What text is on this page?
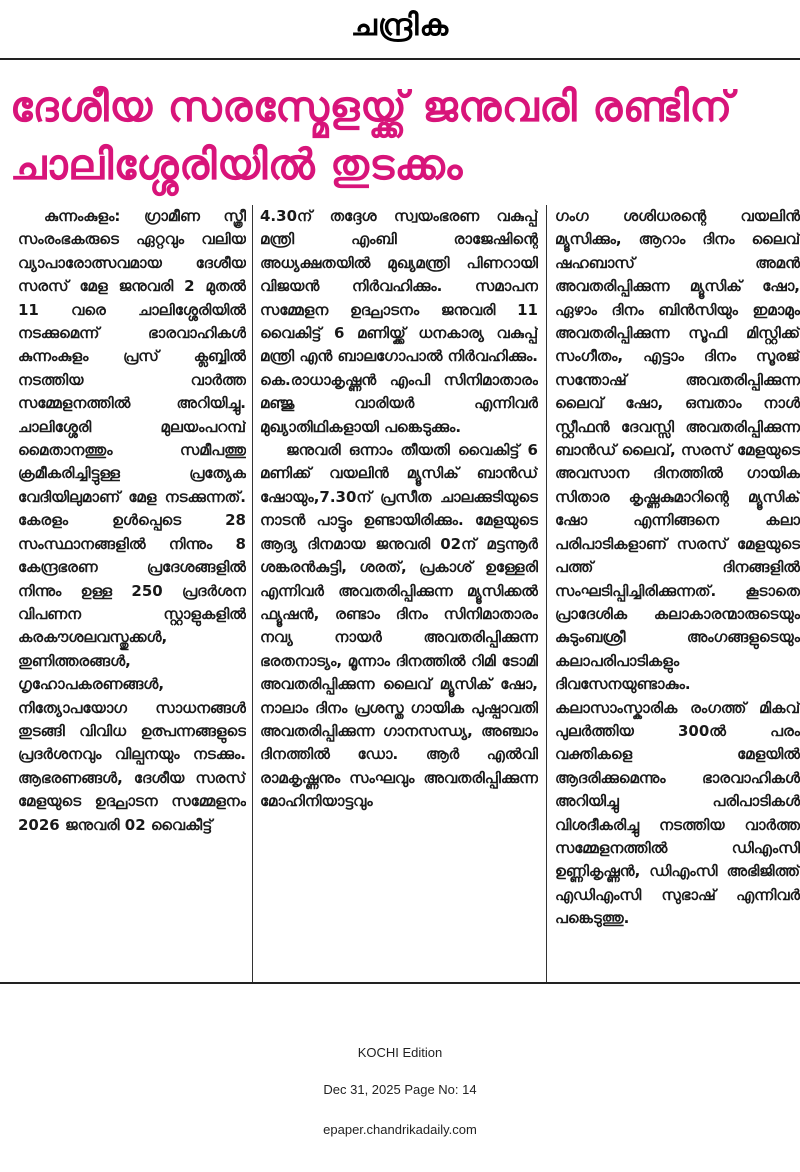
ചന്ദ്രിക
ദേശീയ സരസ്മേളയ്ക്ക് ജനുവരി രണ്ടിന്
ചാലിശ്ശേരിയിൽ തുടക്കം

കുന്നംകുളം: ഗ്രാമീണ സ്ത്രീ സംരംഭകരുടെ ഏറ്റവും വലിയ വ്യാപാരോത്സവമായ ദേശീയ സരസ് മേള ജനുവരി 2 മുതൽ 11 വരെ ചാലിശ്ശേരിയിൽ നടക്കുമെന്ന് ഭാരവാഹികൾ കുന്നംകുളം പ്രസ് ക്ലബ്ബിൽ നടത്തിയ വാർത്ത സമ്മേളനത്തിൽ അറിയിച്ചു. ചാലിശ്ശേരി മുലയംപറമ്പ് മൈതാനത്തും സമീപത്തു ക്രമീകരിച്ചിട്ടുള്ള പ്രത്യേക വേദിയിലുമാണ് മേള നടക്കുന്നത്. കേരളം ഉൾപ്പെടെ 28 സംസ്ഥാനങ്ങളിൽ നിന്നും 8 കേന്ദ്രഭരണ പ്രദേശങ്ങളിൽ നിന്നും ഉള്ള 250 പ്രദർശന വിപണന സ്റ്റാളുകളിൽ കരകൗശലവസ്തുക്കൾ, തുണിത്തരങ്ങൾ, ഗൃഹോപകരണങ്ങൾ, നിത്യോപയോഗ സാധനങ്ങൾ തുടങ്ങി വിവിധ ഉത്പന്നങ്ങളുടെ പ്രദർശനവും വില്പനയും നടക്കും. ആഭരണങ്ങൾ, ദേശീയ സരസ് മേളയുടെ ഉദ്ഘാടന സമ്മേളനം 2026 ജനുവരി 02 വൈകീട്ട്

4.30ന് തദ്ദേശ സ്വയംഭരണ വകുപ്പ് മന്ത്രി എംബി രാജേഷിന്റെ അധ്യക്ഷതയിൽ മുഖ്യമന്ത്രി പിണറായി വിജയൻ നിർവഹിക്കും. സമാപന സമ്മേളന ഉദ്ഘാടനം ജനുവരി 11 വൈകിട്ട് 6 മണിയ്ക്ക് ധനകാര്യ വകുപ്പ് മന്ത്രി എൻ ബാലഗോപാൽ നിർവഹിക്കും. കെ.രാധാകൃഷ്ണൻ എംപി സിനിമാതാരം മഞ്ജു വാരിയർ എന്നിവർ മുഖ്യാതിഥികളായി പങ്കെടുക്കും.

ജനുവരി ഒന്നാം തീയതി വൈകിട്ട് 6 മണിക്ക് വയലിൻ മ്യൂസിക് ബാൻഡ് ഷോയും,7.30ന് പ്രസീത ചാലക്കുടിയുടെ നാടൻ പാട്ടും ഉണ്ടായിരിക്കും. മേളയുടെ ആദ്യ ദിനമായ ജനുവരി 02ന് മട്ടന്നൂർ ശങ്കരൻകുട്ടി, ശരത്, പ്രകാശ് ഉള്ളേരി എന്നിവർ അവതരിപ്പിക്കുന്ന മ്യൂസിക്കൽ ഫ്യൂഷൻ, രണ്ടാം ദിനം സിനിമാതാരം നവ്യ നായർ അവതരിപ്പിക്കുന്ന ഭരതനാട്യം, മൂന്നാം ദിനത്തിൽ റിമി ടോമി അവതരിപ്പിക്കുന്ന ലൈവ് മ്യൂസിക് ഷോ, നാലാം ദിനം പ്രശസ്ത ഗായിക പുഷ്പാവതി അവതരിപ്പിക്കുന്ന ഗാനസന്ധ്യ, അഞ്ചാം ദിനത്തിൽ ഡോ. ആർ എൽവി രാമകൃഷ്ണനും സംഘവും അവതരിപ്പിക്കുന്ന മോഹിനിയാട്ടവും

ഗംഗ ശശിധരന്റെ വയലിൻ മ്യൂസിക്കും, ആറാം ദിനം ലൈവ് ഷഹബാസ് അമൻ അവതരിപ്പിക്കുന്ന മ്യൂസിക് ഷോ, ഏഴാം ദിനം ബിൻസിയും ഇമാമും അവതരിപ്പിക്കുന്ന സൂഫി മിസ്റ്റിക്ക് സംഗീതം, എട്ടാം ദിനം സൂരജ് സന്തോഷ് അവതരിപ്പിക്കുന്ന ലൈവ് ഷോ, ഒമ്പതാം നാൾ സ്റ്റീഫൻ ദേവസ്സി അവതരിപ്പിക്കുന്ന ബാൻഡ് ലൈവ്, സരസ് മേളയുടെ അവസാന ദിനത്തിൽ ഗായിക സിതാര കൃഷ്ണകുമാറിന്റെ മ്യൂസിക് ഷോ എന്നിങ്ങനെ കലാ പരിപാടികളാണ് സരസ് മേളയുടെ പത്ത് ദിനങ്ങളിൽ സംഘടിപ്പിച്ചിരിക്കുന്നത്. കൂടാതെ പ്രാദേശിക കലാകാരന്മാരുടെയും കുടുംബശ്രീ അംഗങ്ങളുടെയും കലാപരിപാടികളും ദിവസേനയുണ്ടാകും. കലാസാംസ്കാരിക രംഗത്ത് മികവ് പുലർത്തിയ 300ൽ പരം വക്തികളെ മേളയിൽ ആദരിക്കുമെന്നും ഭാരവാഹികൾ അറിയിച്ചു പരിപാടികൾ വിശദീകരിച്ചു നടത്തിയ വാർത്ത സമ്മേളനത്തിൽ ഡിഎംസി ഉണ്ണികൃഷ്ണൻ, ഡിഎംസി അഭിജിത്ത് എഡിഎംസി സുഭാഷ് എന്നിവർ പങ്കെടുത്തു.

KOCHI Edition
Dec 31, 2025 Page No: 14
epaper.chandrikadaily.com
